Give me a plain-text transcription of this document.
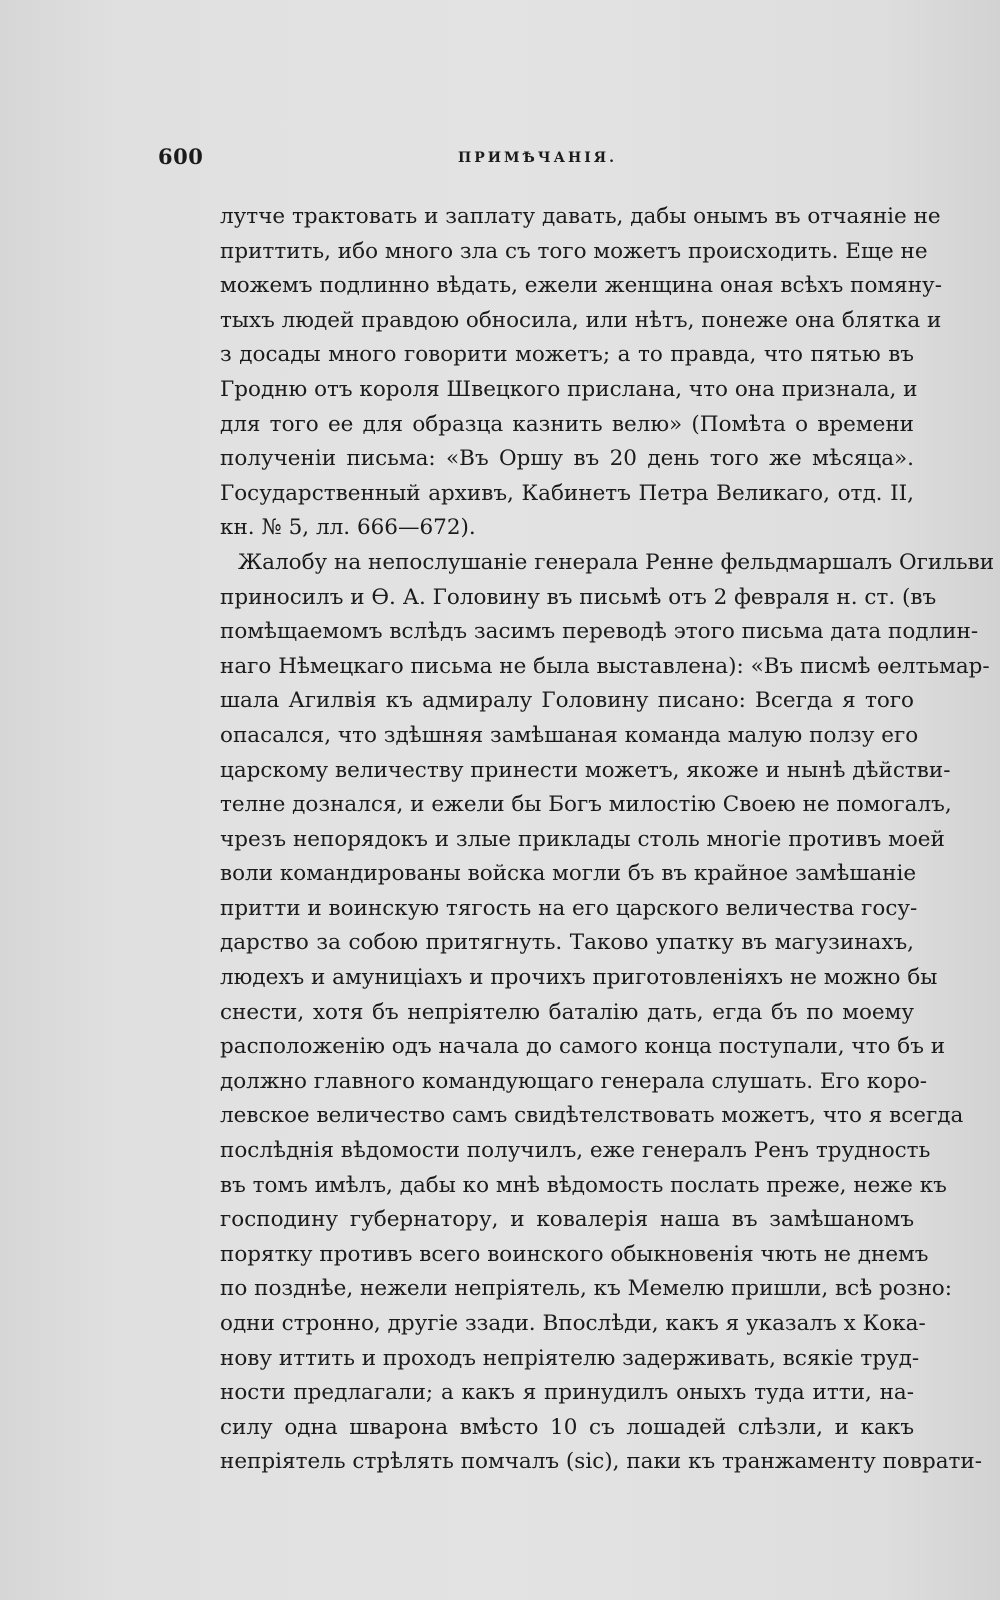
600	ПРИМѢЧАНІЯ.
лутче трактовать и заплату давать, дабы онымъ въ отчаяніе не
приттить, ибо много зла съ того можетъ происходить. Еще не
можемъ подлинно вѣдать, ежели женщина оная всѣхъ помяну-
тыхъ людей правдою обносила, или нѣтъ, понеже она блятка и
з досады много говорити можетъ; а то правда, что пятью въ
Гродню отъ короля Швецкого прислана, что она признала, и
для того ее для образца казнить велю» (Помѣта о времени
полученіи письма: «Въ Оршу въ 20 день того же мѣсяца».
Государственный архивъ, Кабинетъ Петра Великаго, отд. II,
кн. № 5, лл. 666—672).
Жалобу на непослушаніе генерала Ренне фельдмаршалъ Огильви
приносилъ и Ѳ. А. Головину въ письмѣ отъ 2 февраля н. ст. (въ
помѣщаемомъ вслѣдъ засимъ переводѣ этого письма дата подлин-
наго Нѣмецкаго письма не была выставлена): «Въ писмѣ ѳелтьмар-
шала Агилвія къ адмиралу Головину писано: Всегда я того
опасался, что здѣшняя замѣшаная команда малую ползу его
царскому величеству принести можетъ, якоже и нынѣ дѣйстви-
телне дознался, и ежели бы Богъ милостію Своею не помогалъ,
чрезъ непорядокъ и злые приклады столь многіе противъ моей
воли командированы войска могли бъ въ крайное замѣшаніе
притти и воинскую тягость на его царского величества госу-
дарство за собою притягнуть. Таково упатку въ магузинахъ,
людехъ и амуниціахъ и прочихъ приготовленіяхъ не можно бы
снести, хотя бъ непріятелю баталію дать, егда бъ по моему
расположенію одъ начала до самого конца поступали, что бъ и
должно главного командующаго генерала слушать. Его коро-
левское величество самъ свидѣтелствовать можетъ, что я всегда
послѣднія вѣдомости получилъ, еже генералъ Ренъ трудность
въ томъ имѣлъ, дабы ко мнѣ вѣдомость послать преже, неже къ
господину губернатору, и ковалерія наша въ замѣшаномъ
порятку противъ всего воинского обыкновенія чють не днемъ
по позднѣе, нежели непріятель, къ Мемелю пришли, всѣ розно:
одни стронно, другіе ззади. Впослѣди, какъ я указалъ х Кока-
нову иттить и проходъ непріятелю задерживать, всякіе труд-
ности предлагали; а какъ я принудилъ оныхъ туда итти, на-
силу одна шварона вмѣсто 10 съ лошадей слѣзли, и какъ
непріятель стрѣлять помчалъ (sic), паки къ транжаменту поврати-
